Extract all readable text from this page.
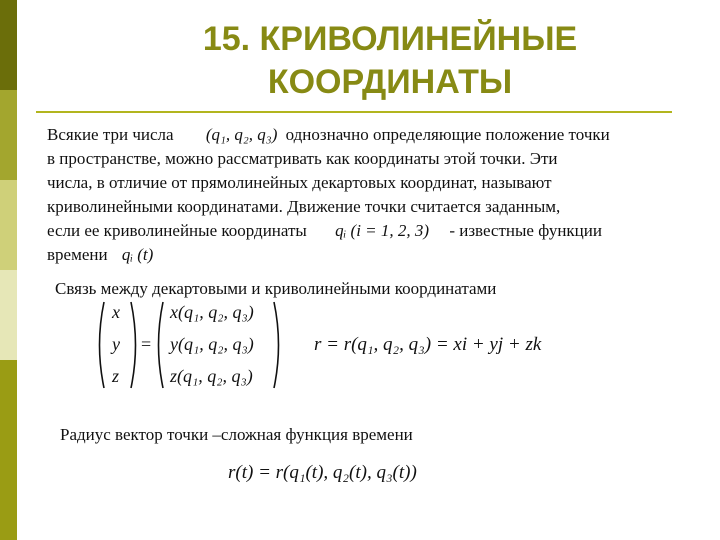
15. КРИВОЛИНЕЙНЫЕ
КООРДИНАТЫ
Всякие три числа (q₁, q₂, q₃) однозначно определяющие положение точки
в пространстве, можно рассматривать как координаты этой точки. Эти
числа, в отличие от прямолинейных декартовых координат, называют
криволинейными координатами. Движение точки считается заданным,
если ее криволинейные координаты qᵢ (i = 1, 2, 3) - известные функции
времени qᵢ (t)
Связь между декартовыми и криволинейными координатами
x
y
z
=
x(q₁, q₂, q₃)
y(q₁, q₂, q₃)
z(q₁, q₂, q₃)
r = r(q₁, q₂, q₃) = xi + yj + zk
Радиус вектор точки –сложная функция времени
r(t) = r(q₁(t), q₂(t), q₃(t))
